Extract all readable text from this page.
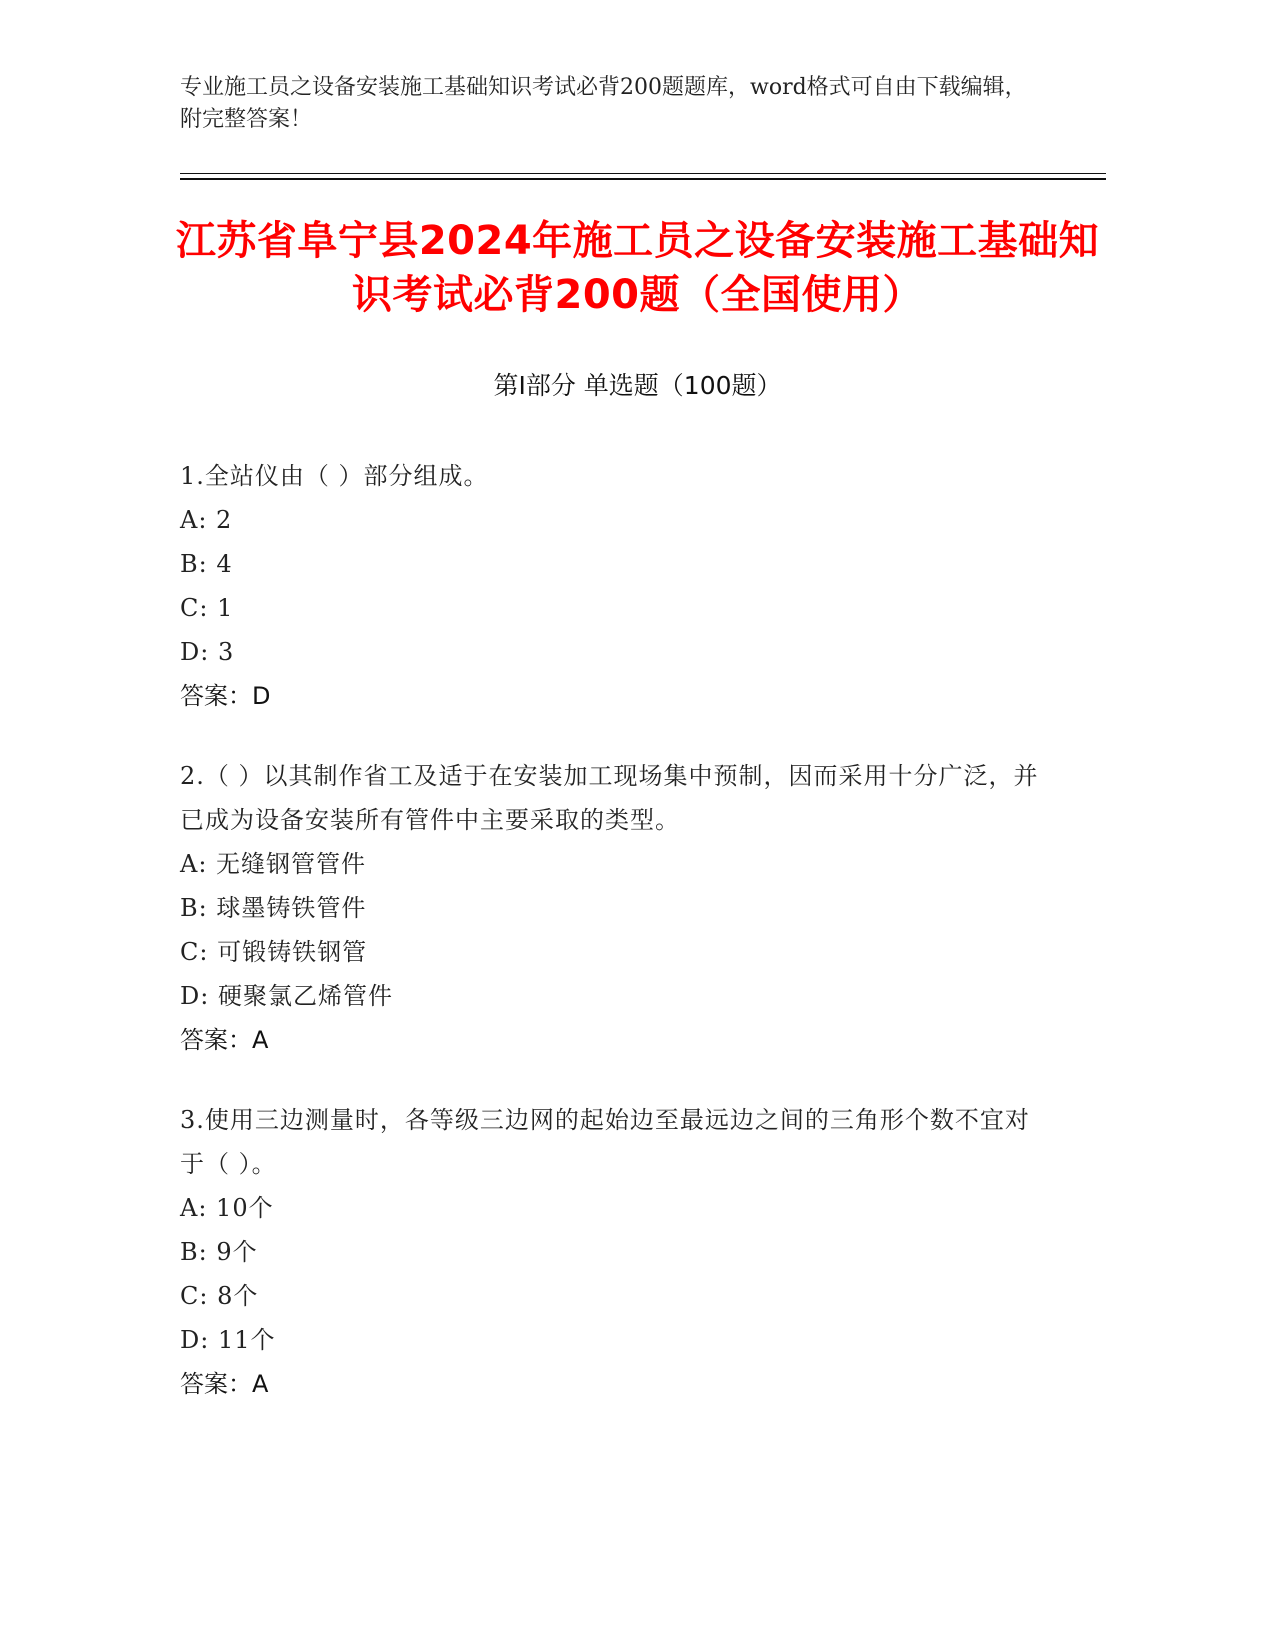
专业施工员之设备安装施工基础知识考试必背200题题库，word格式可自由下载编辑，附完整答案！
江苏省阜宁县2024年施工员之设备安装施工基础知识考试必背200题（全国使用）
第Ⅰ部分 单选题（100题）
1.全站仪由（ ）部分组成。
A: 2
B: 4
C: 1
D: 3
答案：D
2.（ ）以其制作省工及适于在安装加工现场集中预制，因而采用十分广泛，并已成为设备安装所有管件中主要采取的类型。
A: 无缝钢管管件
B: 球墨铸铁管件
C: 可锻铸铁钢管
D: 硬聚氯乙烯管件
答案：A
3.使用三边测量时，各等级三边网的起始边至最远边之间的三角形个数不宜对于（ ）。
A: 10个
B: 9个
C: 8个
D: 11个
答案：A
